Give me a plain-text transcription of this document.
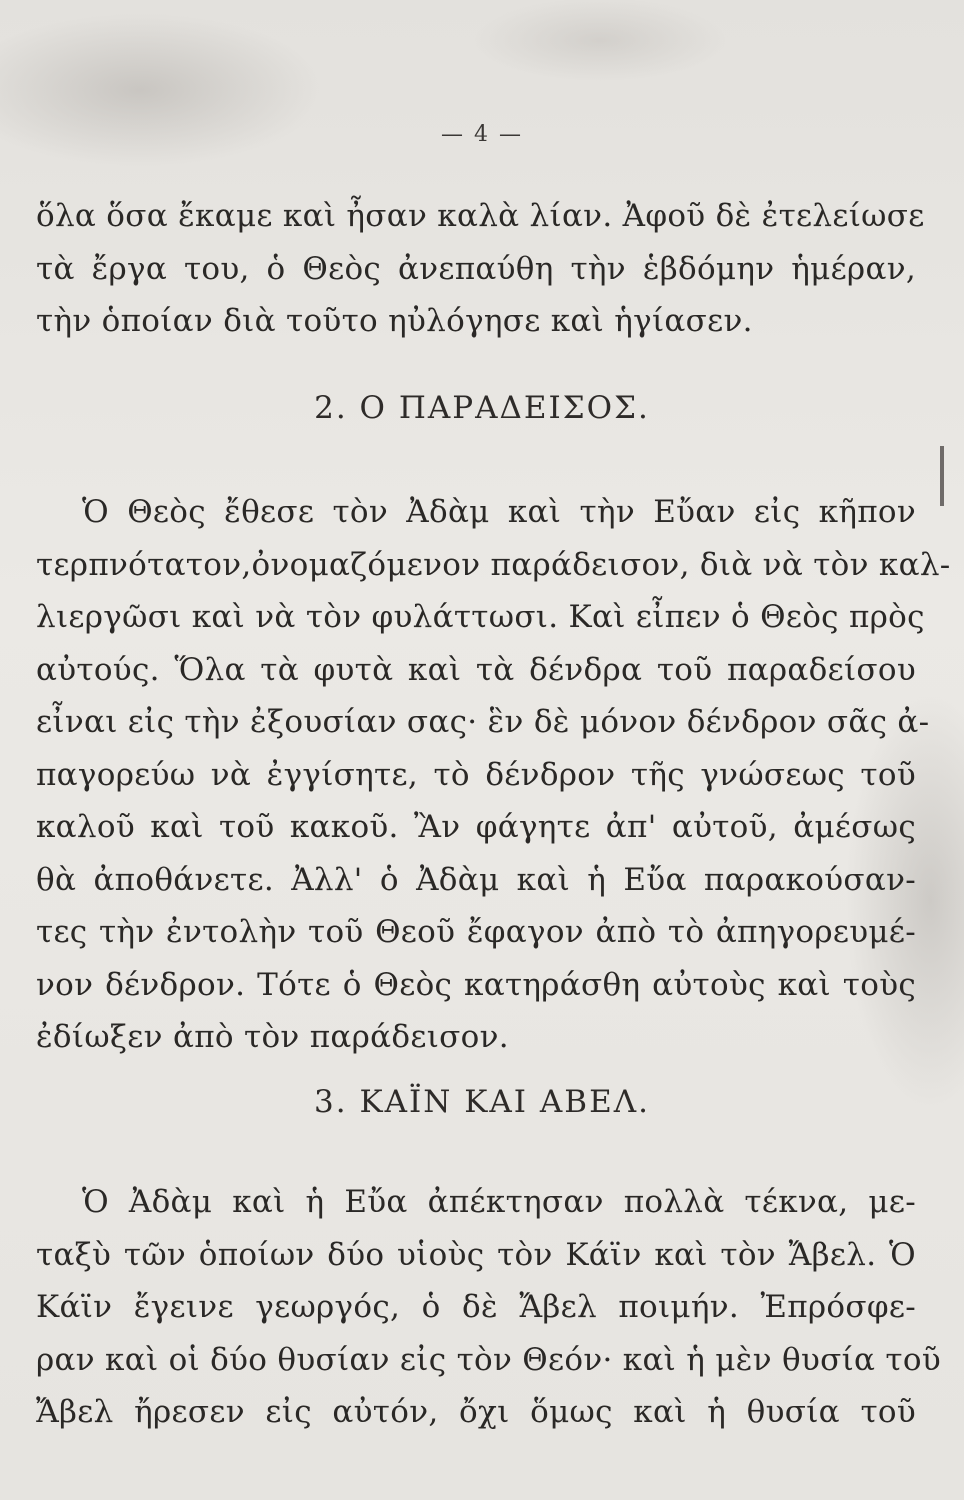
— 4 —
ὅλα ὅσα ἔκαμε καὶ ἦσαν καλὰ λίαν. Ἀφοῦ δὲ ἐτελείωσε
τὰ ἔργα του, ὁ Θεὸς ἀνεπαύθη τὴν ἑβδόμην ἡμέραν,
τὴν ὁποίαν διὰ τοῦτο ηὐλόγησε καὶ ἡγίασεν.
2. Ο ΠΑΡΑΔΕΙΣΟΣ.
Ὁ Θεὸς ἔθεσε τὸν Ἀδὰμ καὶ τὴν Εὔαν εἰς κῆπον
τερπνότατον,ὀνομαζόμενον παράδεισον, διὰ νὰ τὸν καλ-
λιεργῶσι καὶ νὰ τὸν φυλάττωσι. Καὶ εἶπεν ὁ Θεὸς πρὸς
αὐτούς. Ὅλα τὰ φυτὰ καὶ τὰ δένδρα τοῦ παραδείσου
εἶναι εἰς τὴν ἐξουσίαν σας· ἓν δὲ μόνον δένδρον σᾶς ἀ-
παγορεύω νὰ ἐγγίσητε, τὸ δένδρον τῆς γνώσεως τοῦ
καλοῦ καὶ τοῦ κακοῦ. Ἂν φάγητε ἀπ' αὐτοῦ, ἀμέσως
θὰ ἀποθάνετε. Ἀλλ' ὁ Ἀδὰμ καὶ ἡ Εὔα παρακούσαν-
τες τὴν ἐντολὴν τοῦ Θεοῦ ἔφαγον ἀπὸ τὸ ἀπηγορευμέ-
νον δένδρον. Τότε ὁ Θεὸς κατηράσθη αὐτοὺς καὶ τοὺς
ἐδίωξεν ἀπὸ τὸν παράδεισον.
3. ΚΑΪΝ ΚΑΙ ΑΒΕΛ.
Ὁ Ἀδὰμ καὶ ἡ Εὔα ἀπέκτησαν πολλὰ τέκνα, με-
ταξὺ τῶν ὁποίων δύο υἱοὺς τὸν Κάϊν καὶ τὸν Ἄβελ. Ὁ
Κάϊν ἔγεινε γεωργός, ὁ δὲ Ἄβελ ποιμήν. Ἐπρόσφε-
ραν καὶ οἱ δύο θυσίαν εἰς τὸν Θεόν· καὶ ἡ μὲν θυσία τοῦ
Ἄβελ ἤρεσεν εἰς αὐτόν, ὄχι ὅμως καὶ ἡ θυσία τοῦ
